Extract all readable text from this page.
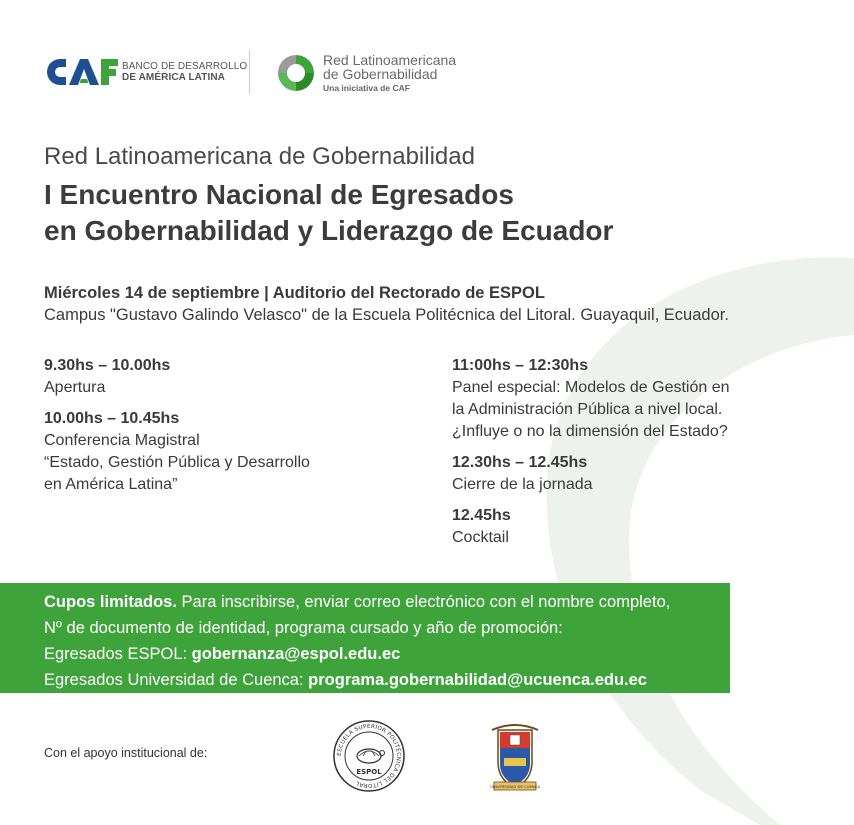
BANCO DE DESARROLLO
DE AMÉRICA LATINA
Red Latinoamericana
de Gobernabilidad
Una iniciativa de CAF
Red Latinoamericana de Gobernabilidad
I Encuentro Nacional de Egresados
en Gobernabilidad y Liderazgo de Ecuador
Miércoles 14 de septiembre | Auditorio del Rectorado de ESPOL
Campus "Gustavo Galindo Velasco" de la Escuela Politécnica del Litoral. Guayaquil, Ecuador.
9.30hs – 10.00hs
Apertura
10.00hs – 10.45hs
Conferencia Magistral
“Estado, Gestión Pública y Desarrollo
en América Latina”
11:00hs – 12:30hs
Panel especial: Modelos de Gestión en
la Administración Pública a nivel local.
¿Influye o no la dimensión del Estado?
12.30hs – 12.45hs
Cierre de la jornada
12.45hs
Cocktail
Cupos limitados. Para inscribirse, enviar correo electrónico con el nombre completo,
Nº de documento de identidad, programa cursado y año de promoción:
Egresados ESPOL: gobernanza@espol.edu.ec
Egresados Universidad de Cuenca: programa.gobernabilidad@ucuenca.edu.ec
Con el apoyo institucional de:	ESCUELA SUPERIOR POLITÉCNICA DEL LITORAL
ESPOL
UNIVERSIDAD DE CUENCA
